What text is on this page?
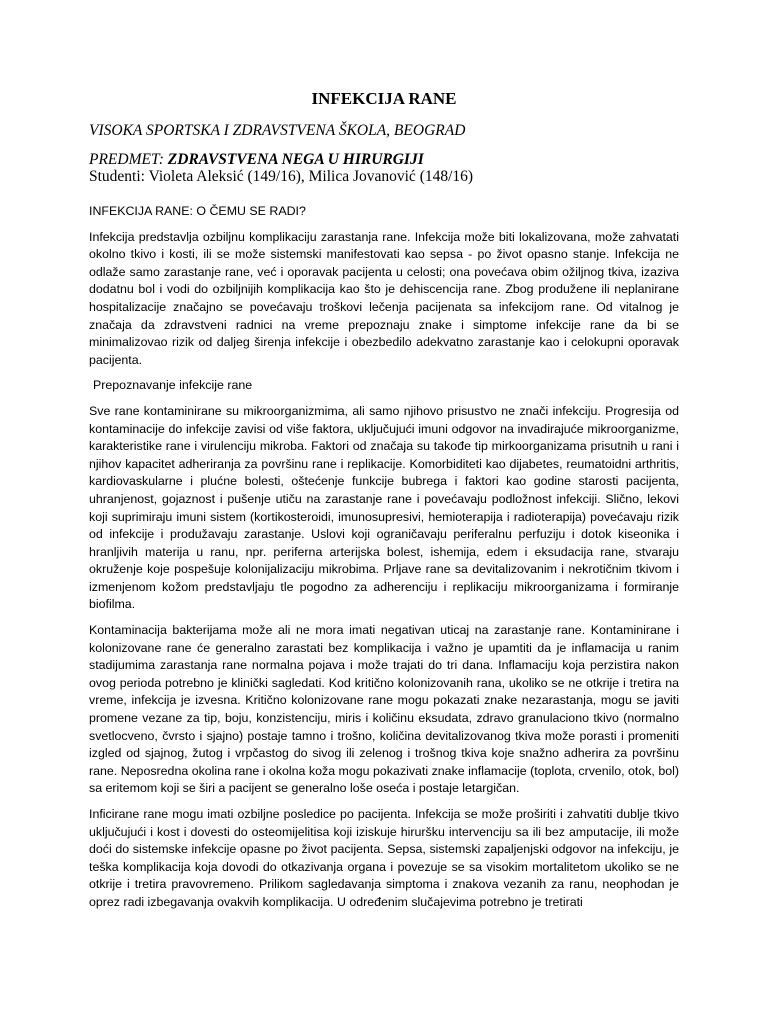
INFEKCIJA RANE

VISOKA SPORTSKA I ZDRAVSTVENA ŠKOLA, BEOGRAD

PREDMET: ZDRAVSTVENA NEGA U HIRURGIJI

Studenti: Violeta Aleksić (149/16), Milica Jovanović (148/16)

INFEKCIJA RANE: O ČEMU SE RADI?

Infekcija predstavlja ozbiljnu komplikaciju zarastanja rane. Infekcija može biti lokalizovana, može zahvatati okolno tkivo i kosti, ili se može sistemski manifestovati kao sepsa - po život opasno stanje. Infekcija ne odlaže samo zarastanje rane, već i oporavak pacijenta u celosti; ona povećava obim ožiljnog tkiva, izaziva dodatnu bol i vodi do ozbiljnijih komplikacija kao što je dehiscencija rane. Zbog produžene ili neplanirane hospitalizacije značajno se povećavaju troškovi lečenja pacijenata sa infekcijom rane. Od vitalnog je značaja da zdravstveni radnici na vreme prepoznaju znake i simptome infekcije rane da bi se minimalizovao rizik od daljeg širenja infekcije i obezbedilo adekvatno zarastanje kao i celokupni oporavak pacijenta.

Prepoznavanje infekcije rane

Sve rane kontaminirane su mikroorganizmima, ali samo njihovo prisustvo ne znači infekciju. Progresija od kontaminacije do infekcije zavisi od više faktora, uključujući imuni odgovor na invadirajuće mikroorganizme, karakteristike rane i virulenciju mikroba. Faktori od značaja su takođe tip mirkoorganizama prisutnih u rani i njihov kapacitet adheriranja za površinu rane i replikacije. Komorbiditeti kao dijabetes, reumatoidni arthritis, kardiovaskularne i plućne bolesti, oštećenje funkcije bubrega i faktori kao godine starosti pacijenta, uhranjenost, gojaznost i pušenje utiču na zarastanje rane i povećavaju podložnost infekciji. Slično, lekovi koji suprimiraju imuni sistem (kortikosteroidi, imunosupresivi, hemioterapija i radioterapija) povećavaju rizik od infekcije i produžavaju zarastanje. Uslovi koji ograničavaju periferalnu perfuziju i dotok kiseonika i hranljivih materija u ranu, npr. periferna arterijska bolest, ishemija, edem i eksudacija rane, stvaraju okruženje koje pospešuje kolonijalizaciju mikrobima. Prljave rane sa devitalizovanim i nekrotičnim tkivom i izmenjenom kožom predstavljaju tle pogodno za adherenciju i replikaciju mikroorganizama i formiranje biofilma.

Kontaminacija bakterijama može ali ne mora imati negativan uticaj na zarastanje rane. Kontaminirane i kolonizovane rane će generalno zarastati bez komplikacija i važno je upamtiti da je inflamacija u ranim stadijumima zarastanja rane normalna pojava i može trajati do tri dana. Inflamaciju koja perzistira nakon ovog perioda potrebno je klinički sagledati. Kod kritično kolonizovanih rana, ukoliko se ne otkrije i tretira na vreme, infekcija je izvesna. Kritično kolonizovane rane mogu pokazati znake nezarastanja, mogu se javiti promene vezane za tip, boju, konzistenciju, miris i količinu eksudata, zdravo granulaciono tkivo (normalno svetlocveno, čvrsto i sjajno) postaje tamno i trošno, količina devitalizovanog tkiva može porasti i promeniti izgled od sjajnog, žutog i vrpčastog do sivog ili zelenog i trošnog tkiva koje snažno adherira za površinu rane. Neposredna okolina rane i okolna koža mogu pokazivati znake inflamacije (toplota, crvenilo, otok, bol) sa eritemom koji se širi a pacijent se generalno loše oseća i postaje letargičan.

Inficirane rane mogu imati ozbiljne posledice po pacijenta. Infekcija se može proširiti i zahvatiti dublje tkivo uključujući i kost i dovesti do osteomijelitisa koji iziskuje hiruršku intervenciju sa ili bez amputacije, ili može doći do sistemske infekcije opasne po život pacijenta. Sepsa, sistemski zapaljenjski odgovor na infekciju, je teška komplikacija koja dovodi do otkazivanja organa i povezuje se sa visokim mortalitetom ukoliko se ne otkrije i tretira pravovremeno. Prilikom sagledavanja simptoma i znakova vezanih za ranu, neophodan je oprez radi izbegavanja ovakvih komplikacija. U određenim slučajevima potrebno je tretirati
